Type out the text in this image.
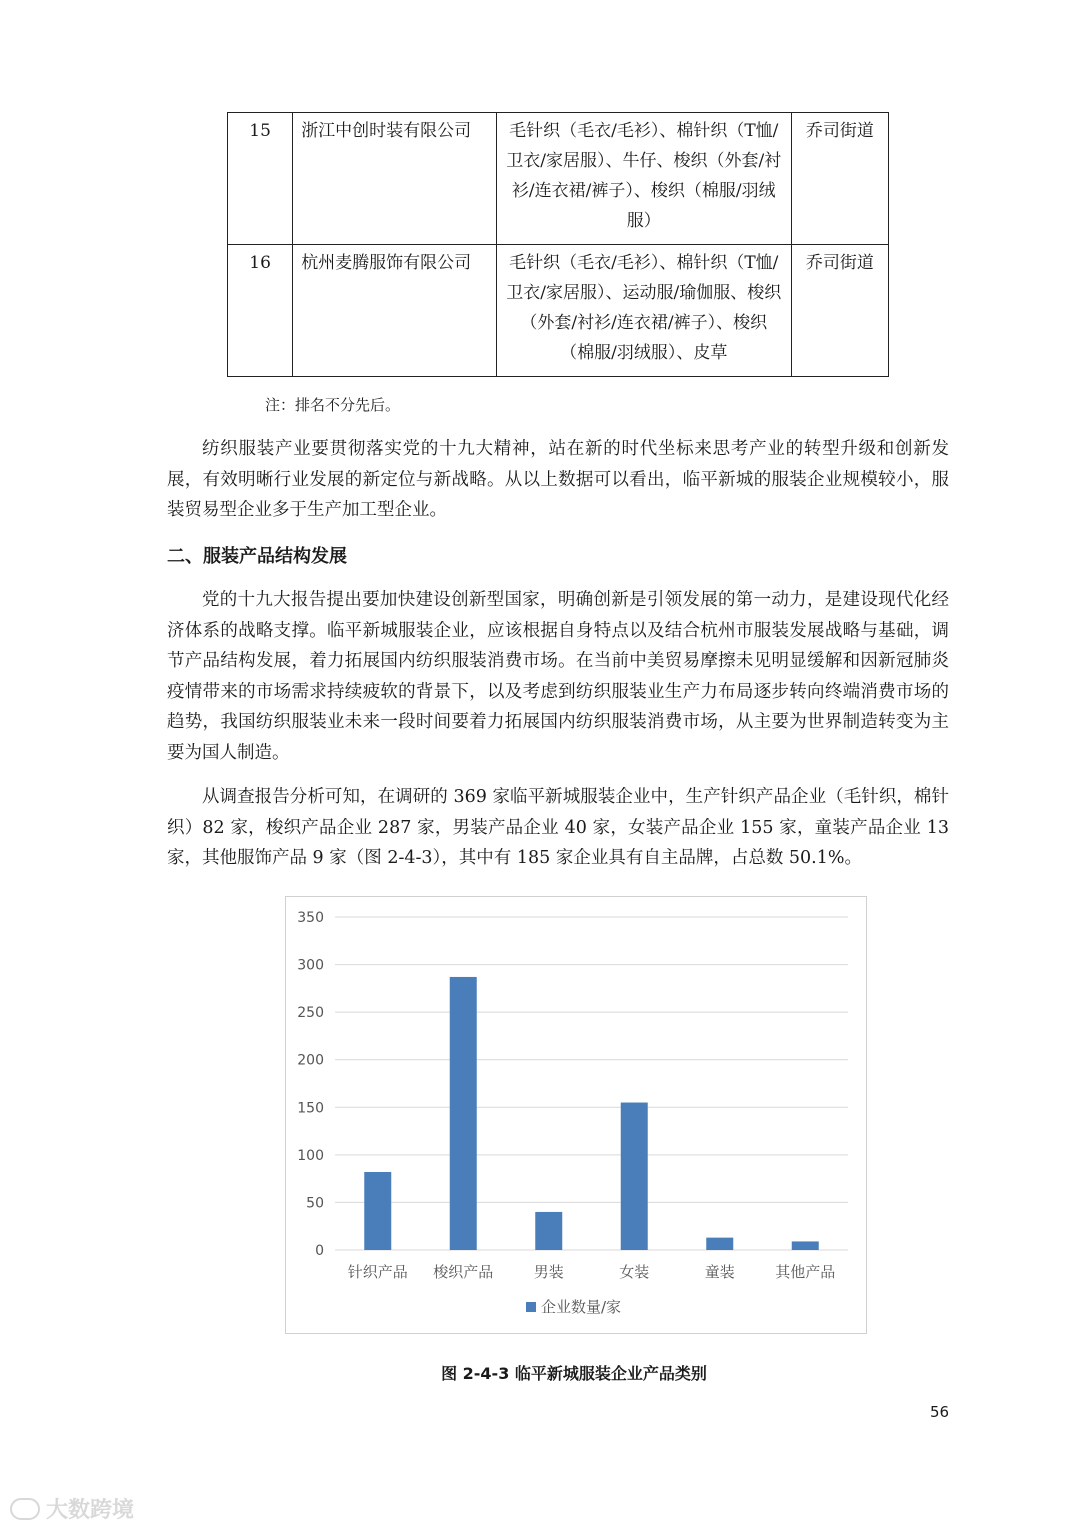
15	浙江中创时装有限公司	毛针织（毛衣/毛衫）、棉针织（T恤/卫衣/家居服）、牛仔、梭织（外套/衬衫/连衣裙/裤子）、梭织（棉服/羽绒服）	乔司街道
16	杭州麦腾服饰有限公司	毛针织（毛衣/毛衫）、棉针织（T恤/卫衣/家居服）、运动服/瑜伽服、梭织（外套/衬衫/连衣裙/裤子）、梭织（棉服/羽绒服）、皮草	乔司街道
注：排名不分先后。

纺织服装产业要贯彻落实党的十九大精神，站在新的时代坐标来思考产业的转型升级和创新发展，有效明晰行业发展的新定位与新战略。从以上数据可以看出，临平新城的服装企业规模较小，服装贸易型企业多于生产加工型企业。

二、服装产品结构发展

党的十九大报告提出要加快建设创新型国家，明确创新是引领发展的第一动力，是建设现代化经济体系的战略支撑。临平新城服装企业，应该根据自身特点以及结合杭州市服装发展战略与基础，调节产品结构发展，着力拓展国内纺织服装消费市场。在当前中美贸易摩擦未见明显缓解和因新冠肺炎疫情带来的市场需求持续疲软的背景下，以及考虑到纺织服装业生产力布局逐步转向终端消费市场的趋势，我国纺织服装业未来一段时间要着力拓展国内纺织服装消费市场，从主要为世界制造转变为主要为国人制造。

从调查报告分析可知，在调研的 369 家临平新城服装企业中，生产针织产品企业（毛针织，棉针织）82 家，梭织产品企业 287 家，男装产品企业 40 家，女装产品企业 155 家，童装产品企业 13 家，其他服饰产品 9 家（图 2-4-3），其中有 185 家企业具有自主品牌，占总数 50.1%。

0
50
100
150
200
250
300
350
针织产品 梭织产品	男装	女装	童装	其他产品
企业数量/家
图 2-4-3 临平新城服装企业产品类别
56
大数跨境
